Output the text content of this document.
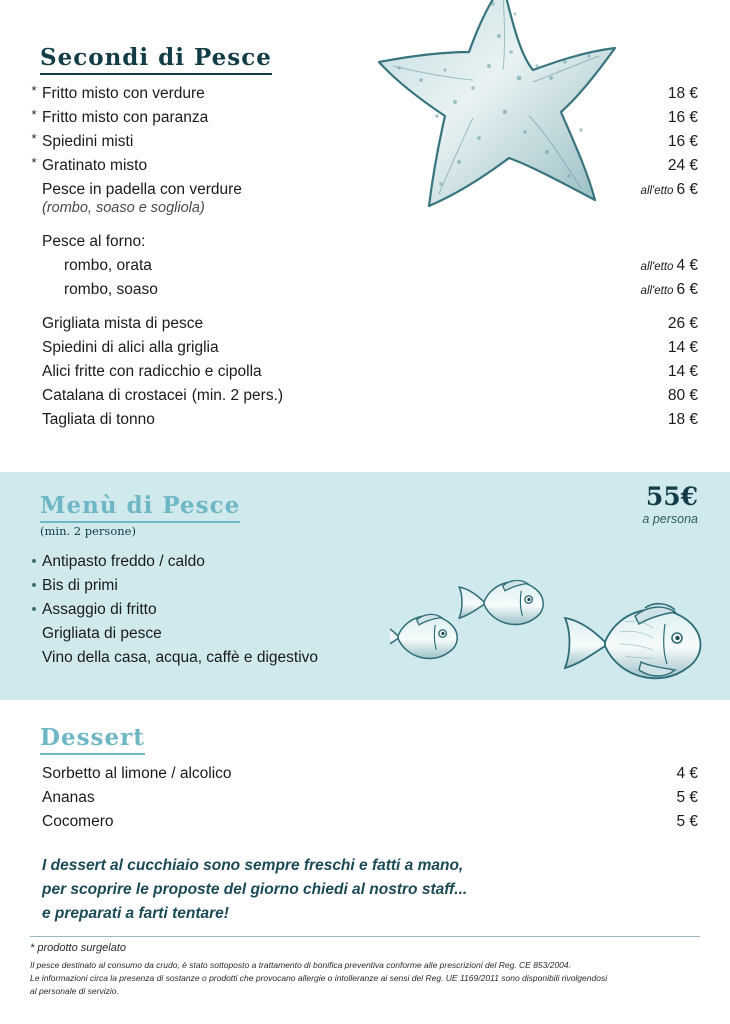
Secondi di Pesce
* Fritto misto con verdure	18 €
* Fritto misto con paranza	16 €
* Spiedini misti	16 €
* Gratinato misto	24 €
Pesce in padella con verdure	all'etto 6 €
(rombo, soaso e sogliola)
Pesce al forno:
rombo, orata	all'etto 4 €
rombo, soaso	all'etto 6 €
Grigliata mista di pesce	26 €
Spiedini di alici alla griglia	14 €
Alici fritte con radicchio e cipolla	14 €
Catalana di crostacei (min. 2 pers.)	80 €
Tagliata di tonno	18 €
Menù di Pesce
(min. 2 persone)
55€
a persona
• Antipasto freddo / caldo
• Bis di primi
• Assaggio di fritto
Grigliata di pesce
Vino della casa, acqua, caffè e digestivo
Dessert
Sorbetto al limone / alcolico	4 €
Ananas	5 €
Cocomero	5 €
I dessert al cucchiaio sono sempre freschi e fatti a mano,
per scoprire le proposte del giorno chiedi al nostro staff...
e preparati a farti tentare!
* prodotto surgelato
Il pesce destinato al consumo da crudo, è stato sottoposto a trattamento di bonifica preventiva conforme alle prescrizioni del Reg. CE 853/2004.
Le informazioni circa la presenza di sostanze o prodotti che provocano allergie o intolleranze ai sensi del Reg. UE 1169/2011 sono disponibili rivolgendosi
al personale di servizio.
